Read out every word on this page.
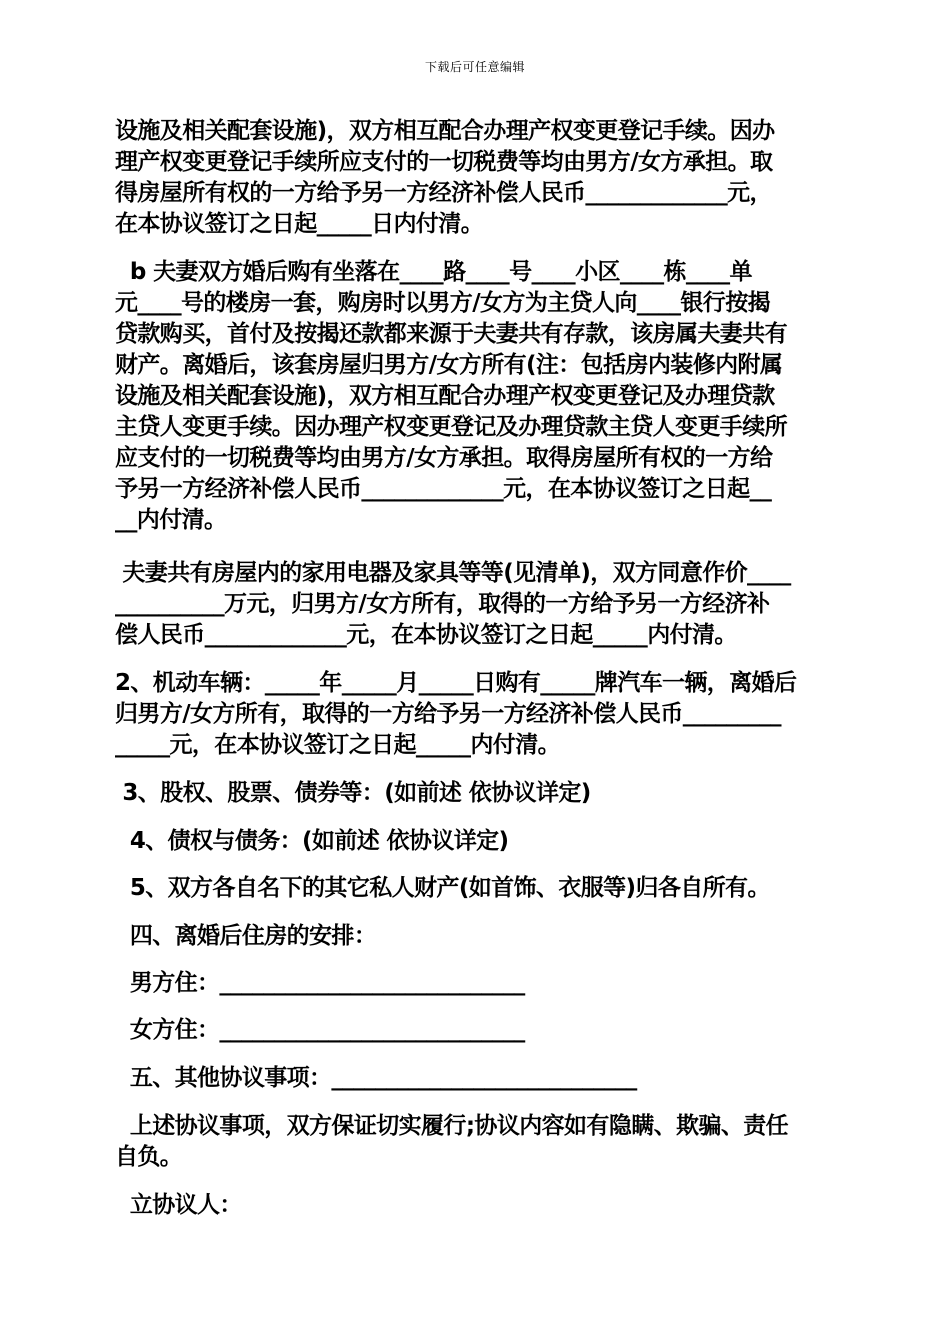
下载后可任意编辑
设施及相关配套设施)，双方相互配合办理产权变更登记手续。因办
理产权变更登记手续所应支付的一切税费等均由男方/女方承担。取
得房屋所有权的一方给予另一方经济补偿人民币_____________元，
在本协议签订之日起_____日内付清。
b 夫妻双方婚后购有坐落在____路____号____小区____栋____单
元____号的楼房一套，购房时以男方/女方为主贷人向____银行按揭
贷款购买，首付及按揭还款都来源于夫妻共有存款，该房属夫妻共有
财产。离婚后，该套房屋归男方/女方所有(注：包括房内装修内附属
设施及相关配套设施)，双方相互配合办理产权变更登记及办理贷款
主贷人变更手续。因办理产权变更登记及办理贷款主贷人变更手续所
应支付的一切税费等均由男方/女方承担。取得房屋所有权的一方给
予另一方经济补偿人民币_____________元，在本协议签订之日起__
__内付清。
夫妻共有房屋内的家用电器及家具等等(见清单)，双方同意作价____
__________万元，归男方/女方所有，取得的一方给予另一方经济补
偿人民币_____________元，在本协议签订之日起_____内付清。
2、机动车辆：_____年_____月_____日购有_____牌汽车一辆，离婚后
归男方/女方所有，取得的一方给予另一方经济补偿人民币_________
_____元，在本协议签订之日起_____内付清。
3、股权、股票、债券等：(如前述 依协议详定)
4、债权与债务：(如前述 依协议详定)
5、双方各自名下的其它私人财产(如首饰、衣服等)归各自所有。
四、离婚后住房的安排：
男方住：____________________________
女方住：____________________________
五、其他协议事项：____________________________
上述协议事项，双方保证切实履行;协议内容如有隐瞒、欺骗、责任
自负。
立协议人：
